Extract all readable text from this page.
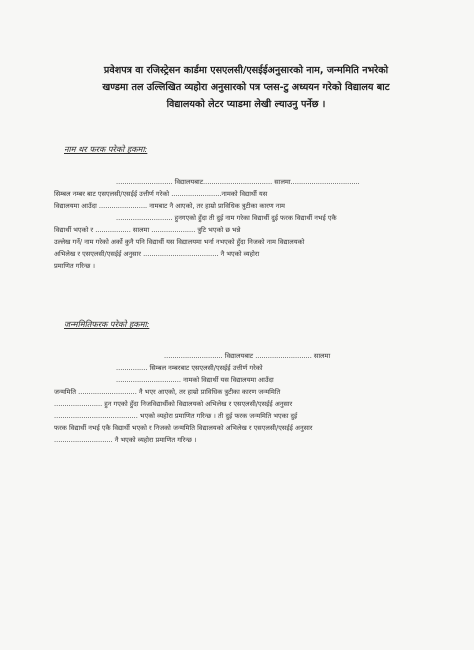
प्रवेशपत्र वा रजिस्ट्रेसन कार्डमा एसएलसी/एसईईअनुसारको नाम, जन्ममिति नभरेको

खण्डमा तल उल्लिखित व्यहोरा अनुसारको पत्र प्लस-टु अध्ययन गरेको विद्यालय बाट

विद्यालयको लेटर प्याडमा लेखी ल्याउनु पर्नेछ ।

नाम थर फरक परेको हकमा:
........................... विद्यालयबाट................................. सालमा.................................
सिम्बल नम्बर बाट एसएलसी/एसईई उत्तीर्ण गरेको ........................नामको विद्यार्थी यस
विद्यालयमा आउँदा ....................... नामबाट नै आएको, तर हाम्रो प्राविधिक त्रुटीका कारण नाम
........................... हुनगएको हुँदा ती दुई नाम गरेका विद्यार्थी दुई फरक विद्यार्थी नभई एकै
विद्यार्थी भएको र ................. सालमा ..................... त्रुटि भएको छ भन्ने
उल्लेख गर्ने/ नाम गरेको अर्को कुनै पनि विद्यार्थी यस विद्यालयमा भर्ना नभएको हुँदा निजको नाम विद्यालयको
अभिलेख र एसएलसी/एसईई अनुसार .................................... नै भएको व्यहोरा
प्रमाणित गरिन्छ ।
जन्ममितिफरक परेको हकमा:
............................ विद्यालयबाट ........................... सालमा
............... सिम्बल नम्बरबाट एसएलसी/एसईई उत्तीर्ण गरेको
............................... नामको विद्यार्थी यस विद्यालयमा आउँदा
जन्ममिति ............................ नै भएर आएको, तर हाम्रो प्राविधिक त्रुटीका कारण जन्ममिति
....................... हुन गएको हुँदा निजविद्यार्थीको विद्यालयको अभिलेख र एसएलसी/एसईई अनुसार
........................................ भएको व्यहोरा प्रमाणित गरिन्छ । ती दुई फरक जन्ममिति भएका दुई
फरक विद्यार्थी नभई एकै विद्यार्थी भएको र निजको जन्ममिति विद्यालयको अभिलेख र एसएलसी/एसईई अनुसार
............................ नै भएको व्यहोरा प्रमाणित गरिन्छ ।
